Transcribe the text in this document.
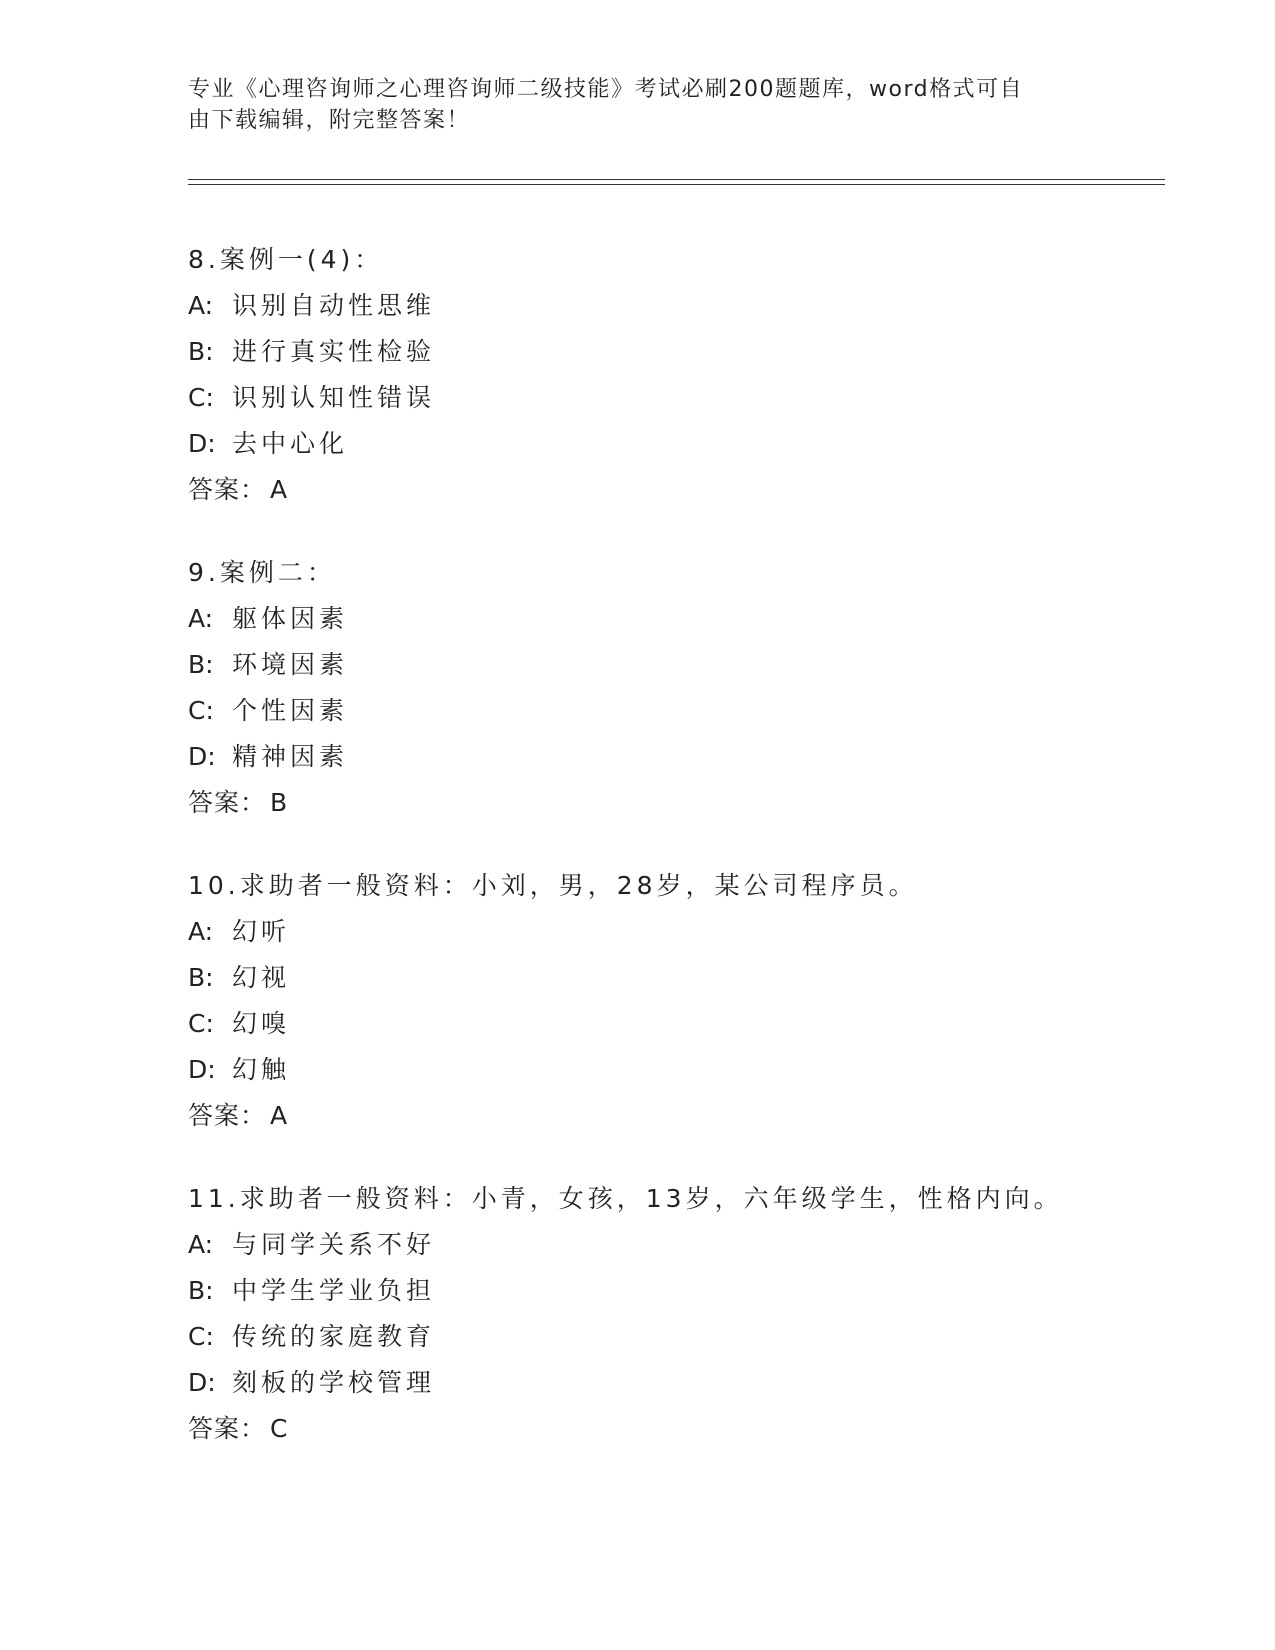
专业《心理咨询师之心理咨询师二级技能》考试必刷200题题库，word格式可自
由下载编辑，附完整答案！
8.案例一(4)：
A: 识别自动性思维
B: 进行真实性检验
C: 识别认知性错误
D: 去中心化
答案： A
9.案例二：
A: 躯体因素
B: 环境因素
C: 个性因素
D: 精神因素
答案： B
10.求助者一般资料：小刘，男，28岁，某公司程序员。
A: 幻听
B: 幻视
C: 幻嗅
D: 幻触
答案： A
11.求助者一般资料：小青，女孩，13岁，六年级学生，性格内向。
A: 与同学关系不好
B: 中学生学业负担
C: 传统的家庭教育
D: 刻板的学校管理
答案： C
